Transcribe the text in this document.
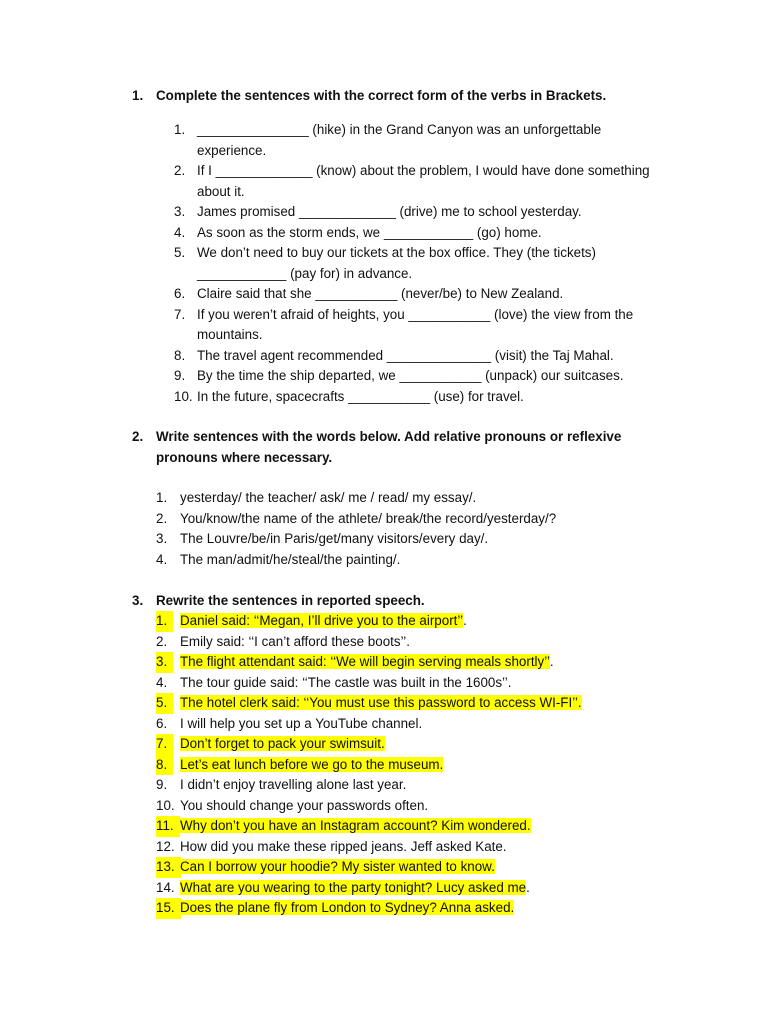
1. Complete the sentences with the correct form of the verbs in Brackets.
1. _______________ (hike) in the Grand Canyon was an unforgettable experience.
2. If I _____________ (know) about the problem, I would have done something about it.
3. James promised _____________ (drive) me to school yesterday.
4. As soon as the storm ends, we ____________ (go) home.
5. We don’t need to buy our tickets at the box office. They (the tickets) ____________ (pay for) in advance.
6. Claire said that she ___________ (never/be) to New Zealand.
7. If you weren’t afraid of heights, you ___________ (love) the view from the mountains.
8. The travel agent recommended ______________ (visit) the Taj Mahal.
9. By the time the ship departed, we ___________ (unpack) our suitcases.
10. In the future, spacecrafts ___________ (use) for travel.
2. Write sentences with the words below. Add relative pronouns or reflexive pronouns where necessary.
1. yesterday/ the teacher/ ask/ me / read/ my essay/.
2. You/know/the name of the athlete/ break/the record/yesterday/?
3. The Louvre/be/in Paris/get/many visitors/every day/.
4. The man/admit/he/steal/the painting/.
3. Rewrite the sentences in reported speech.
1. Daniel said: ‘‘Megan, I’ll drive you to the airport’’.
2. Emily said: ‘‘I can’t afford these boots’’.
3. The flight attendant said: ‘‘We will begin serving meals shortly’’.
4. The tour guide said: ‘‘The castle was built in the 1600s’’.
5. The hotel clerk said: ‘‘You must use this password to access WI-FI’’.
6. I will help you set up a YouTube channel.
7. Don’t forget to pack your swimsuit.
8. Let’s eat lunch before we go to the museum.
9. I didn’t enjoy travelling alone last year.
10. You should change your passwords often.
11. Why don’t you have an Instagram account? Kim wondered.
12. How did you make these ripped jeans. Jeff asked Kate.
13. Can I borrow your hoodie? My sister wanted to know.
14. What are you wearing to the party tonight? Lucy asked me.
15. Does the plane fly from London to Sydney? Anna asked.
